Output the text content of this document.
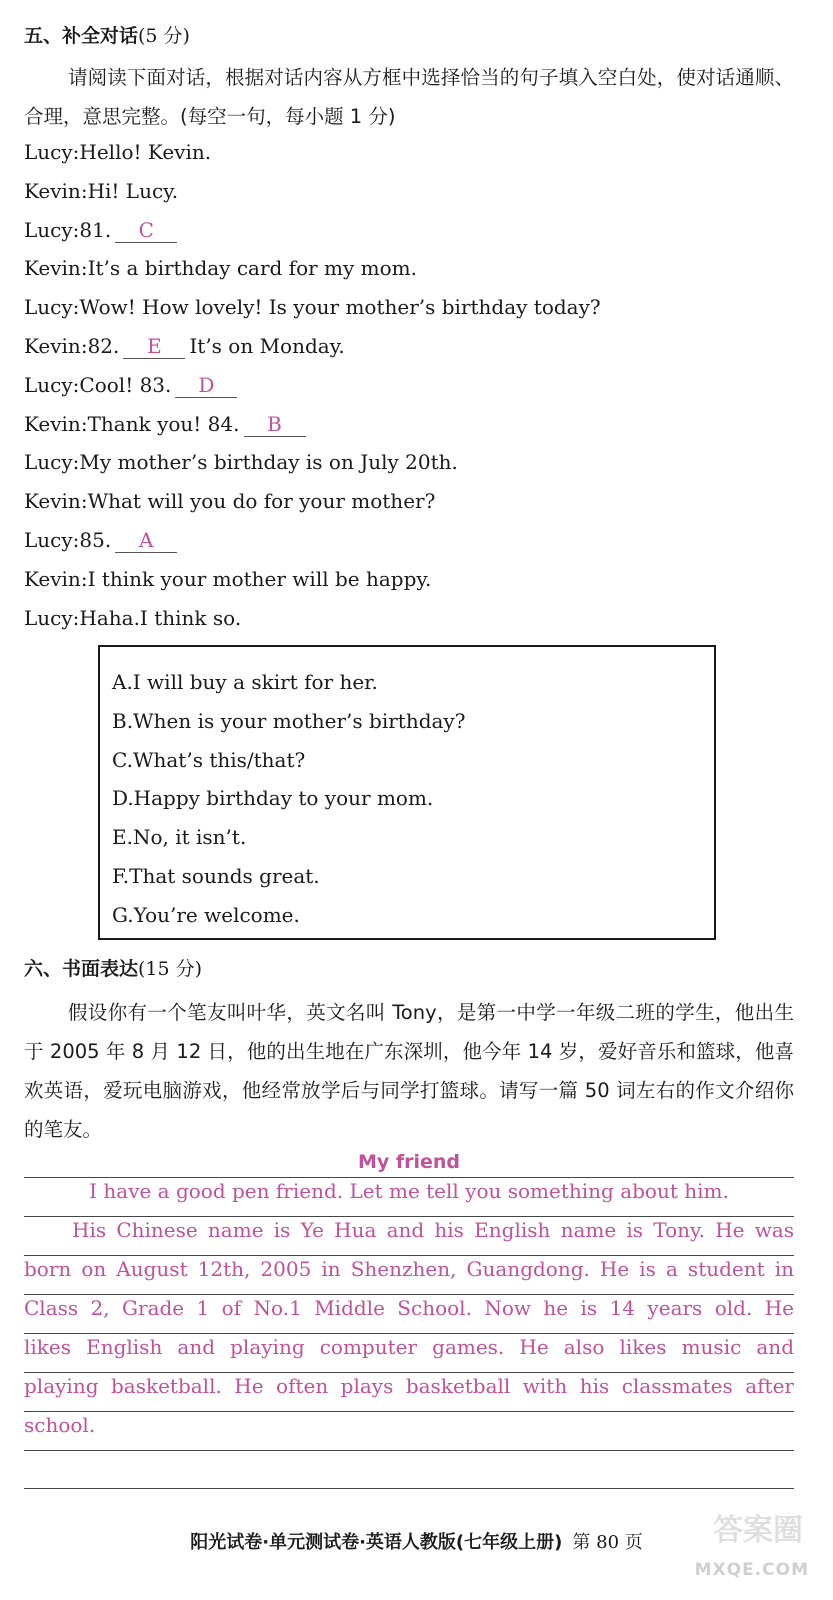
五、补全对话(5 分)
请阅读下面对话，根据对话内容从方框中选择恰当的句子填入空白处，使对话通顺、合理，意思完整。(每空一句，每小题 1 分)
Lucy:Hello! Kevin.
Kevin:Hi! Lucy.
Lucy:81. C
Kevin:It’s a birthday card for my mom.
Lucy:Wow! How lovely! Is your mother’s birthday today?
Kevin:82. E It’s on Monday.
Lucy:Cool! 83. D
Kevin:Thank you! 84. B
Lucy:My mother’s birthday is on July 20th.
Kevin:What will you do for your mother?
Lucy:85. A
Kevin:I think your mother will be happy.
Lucy:Haha.I think so.
A.I will buy a skirt for her.
B.When is your mother’s birthday?
C.What’s this/that?
D.Happy birthday to your mom.
E.No, it isn’t.
F.That sounds great.
G.You’re welcome.
六、书面表达(15 分)
假设你有一个笔友叫叶华，英文名叫 Tony，是第一中学一年级二班的学生，他出生于 2005 年 8 月 12 日，他的出生地在广东深圳，他今年 14 岁，爱好音乐和篮球，他喜欢英语，爱玩电脑游戏，他经常放学后与同学打篮球。请写一篇 50 词左右的作文介绍你的笔友。
My friend
I have a good pen friend. Let me tell you something about him.
His Chinese name is Ye Hua and his English name is Tony. He was
born on August 12th, 2005 in Shenzhen, Guangdong. He is a student in
Class 2, Grade 1 of No.1 Middle School. Now he is 14 years old. He
likes English and playing computer games. He also likes music and
playing basketball. He often plays basketball with his classmates after
school.
阳光试卷·单元测试卷·英语人教版(七年级上册) 第 80 页	答案圈
MXQE.COM
